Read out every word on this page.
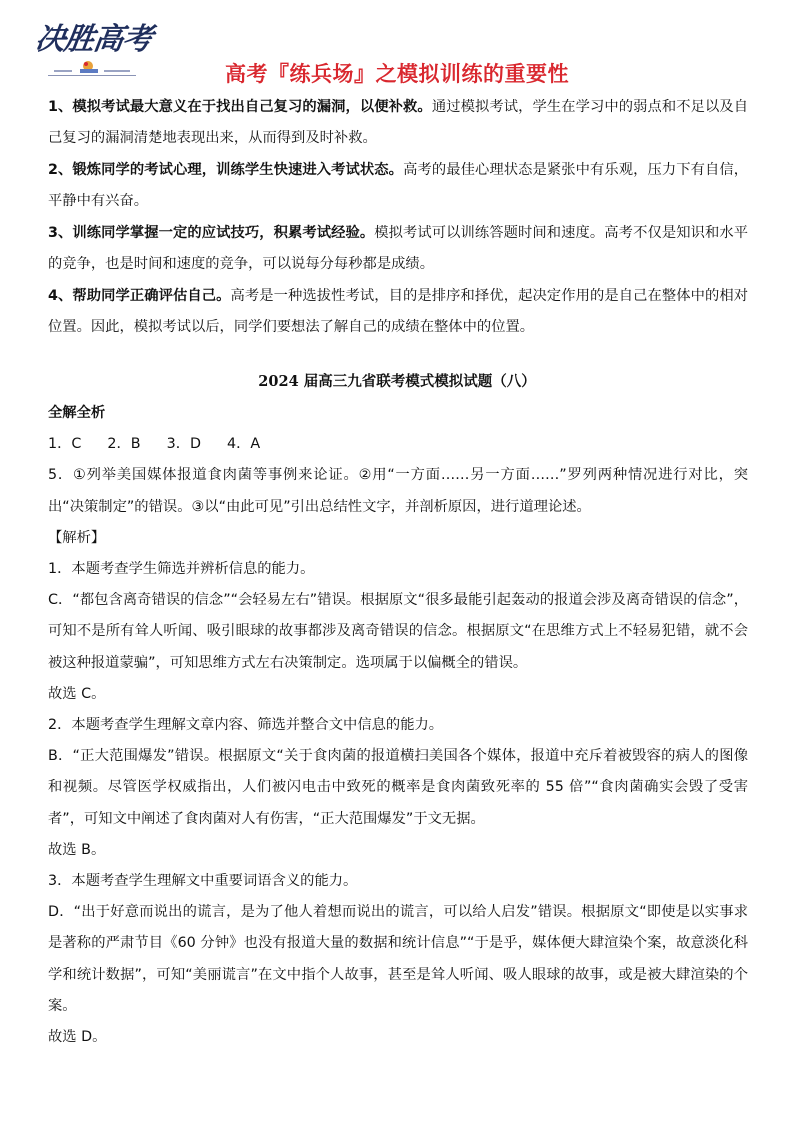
决胜高考
高考『练兵场』之模拟训练的重要性
1、模拟考试最大意义在于找出自己复习的漏洞，以便补救。通过模拟考试，学生在学习中的弱点和不足以及自己复习的漏洞清楚地表现出来，从而得到及时补救。
2、锻炼同学的考试心理，训练学生快速进入考试状态。高考的最佳心理状态是紧张中有乐观，压力下有自信，平静中有兴奋。
3、训练同学掌握一定的应试技巧，积累考试经验。模拟考试可以训练答题时间和速度。高考不仅是知识和水平的竞争，也是时间和速度的竞争，可以说每分每秒都是成绩。
4、帮助同学正确评估自己。高考是一种选拔性考试，目的是排序和择优，起决定作用的是自己在整体中的相对位置。因此，模拟考试以后，同学们要想法了解自己的成绩在整体中的位置。
2024 届高三九省联考模式模拟试题（八）

全解全析

1．C 2．B 3．D 4．A

5．①列举美国媒体报道食肉菌等事例来论证。②用“一方面……另一方面……”罗列两种情况进行对比，突出“决策制定”的错误。③以“由此可见”引出总结性文字，并剖析原因，进行道理论述。

【解析】

1．本题考查学生筛选并辨析信息的能力。

C．“都包含离奇错误的信念”“会轻易左右”错误。根据原文“很多最能引起轰动的报道会涉及离奇错误的信念”，可知不是所有耸人听闻、吸引眼球的故事都涉及离奇错误的信念。根据原文“在思维方式上不轻易犯错，就不会被这种报道蒙骗”，可知思维方式左右决策制定。选项属于以偏概全的错误。

故选 C。

2．本题考查学生理解文章内容、筛选并整合文中信息的能力。

B．“正大范围爆发”错误。根据原文“关于食肉菌的报道横扫美国各个媒体，报道中充斥着被毁容的病人的图像和视频。尽管医学权威指出，人们被闪电击中致死的概率是食肉菌致死率的 55 倍”“食肉菌确实会毁了受害者”，可知文中阐述了食肉菌对人有伤害，“正大范围爆发”于文无据。

故选 B。

3．本题考查学生理解文中重要词语含义的能力。

D．“出于好意而说出的谎言，是为了他人着想而说出的谎言，可以给人启发”错误。根据原文“即使是以实事求是著称的严肃节目《60 分钟》也没有报道大量的数据和统计信息”“于是乎，媒体便大肆渲染个案，故意淡化科学和统计数据”，可知“美丽谎言”在文中指个人故事，甚至是耸人听闻、吸人眼球的故事，或是被大肆渲染的个案。

故选 D。
